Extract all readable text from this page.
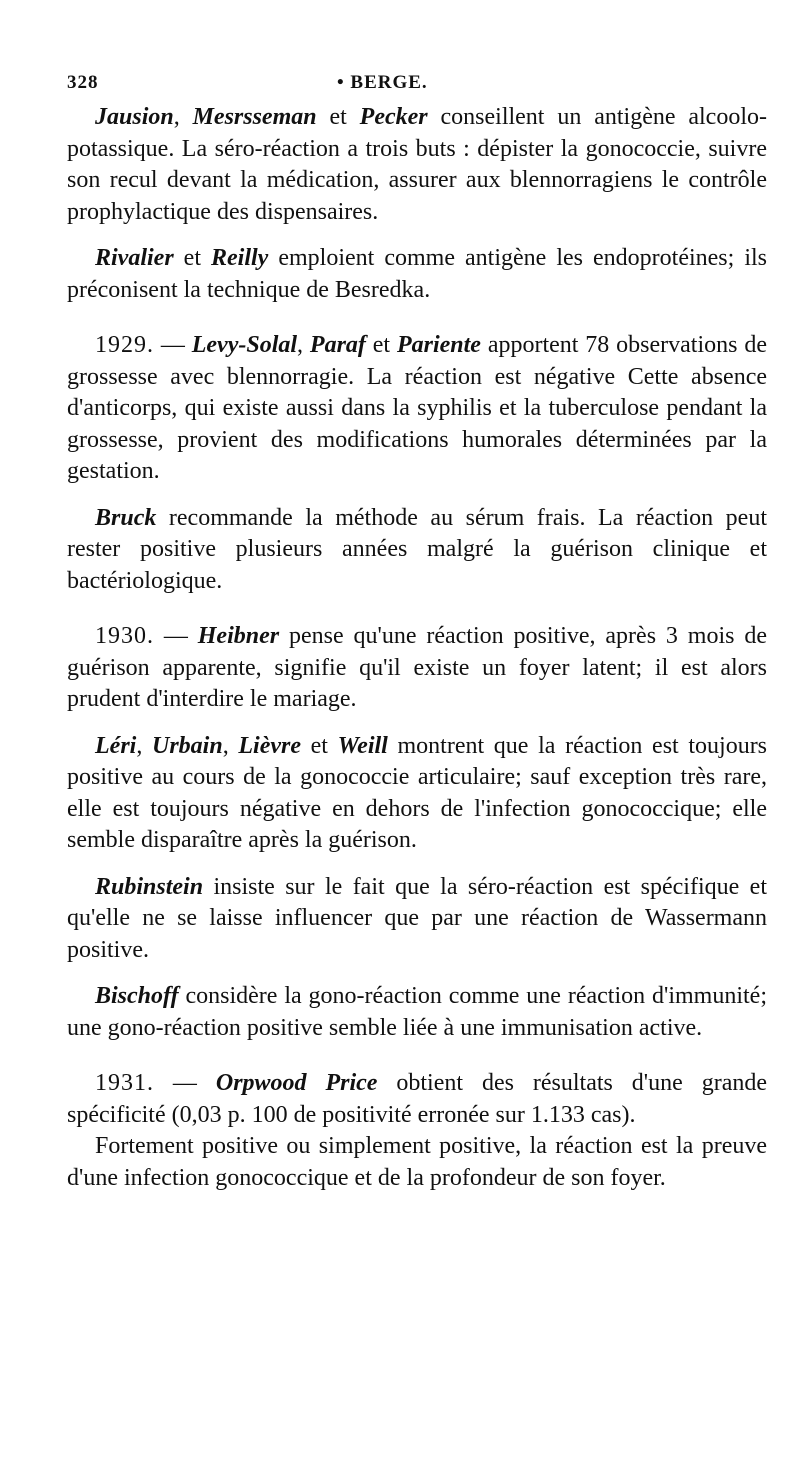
328	• BERGE.

Jausion, Mesrsseman et Pecker conseillent un antigène alcoolo-potassique. La séro-réaction a trois buts : dépister la gonococcie, suivre son recul devant la médication, assurer aux blennorragiens le contrôle prophylactique des dispensaires.

Rivalier et Reilly emploient comme antigène les endoprotéines; ils préconisent la technique de Besredka.

1929. — Levy-Solal, Paraf et Pariente apportent 78 observations de grossesse avec blennorragie. La réaction est négative Cette absence d'anticorps, qui existe aussi dans la syphilis et la tuberculose pendant la grossesse, provient des modifications humorales déterminées par la gestation.

Bruck recommande la méthode au sérum frais. La réaction peut rester positive plusieurs années malgré la guérison clinique et bactériologique.

1930. — Heibner pense qu'une réaction positive, après 3 mois de guérison apparente, signifie qu'il existe un foyer latent; il est alors prudent d'interdire le mariage.

Léri, Urbain, Lièvre et Weill montrent que la réaction est toujours positive au cours de la gonococcie articulaire; sauf exception très rare, elle est toujours négative en dehors de l'infection gonococcique; elle semble disparaître après la guérison.

Rubinstein insiste sur le fait que la séro-réaction est spécifique et qu'elle ne se laisse influencer que par une réaction de Wassermann positive.

Bischoff considère la gono-réaction comme une réaction d'immunité; une gono-réaction positive semble liée à une immunisation active.

1931. — Orpwood Price obtient des résultats d'une grande spécificité (0,03 p. 100 de positivité erronée sur 1.133 cas).

Fortement positive ou simplement positive, la réaction est la preuve d'une infection gonococcique et de la profondeur de son foyer.
